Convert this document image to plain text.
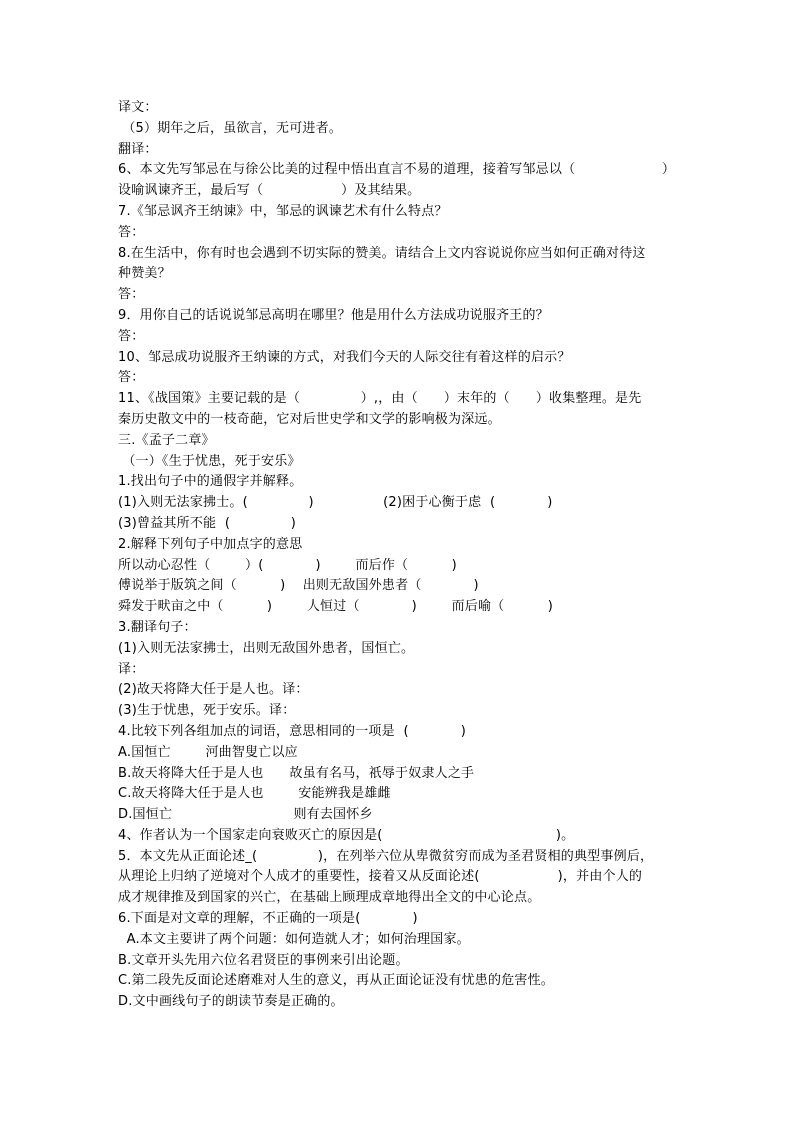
译文：
（5）期年之后，虽欲言，无可进者。
翻译：
6、本文先写邹忌在与徐公比美的过程中悟出直言不易的道理，接着写邹忌以（                    ）
设喻讽谏齐王，最后写（                  ）及其结果。
7.《邹忌讽齐王纳谏》中，邹忌的讽谏艺术有什么特点？
答：
8.在生活中，你有时也会遇到不切实际的赞美。请结合上文内容说说你应当如何正确对待这
种赞美？
答：
9．用你自己的话说说邹忌高明在哪里？他是用什么方法成功说服齐王的？
答：
10、邹忌成功说服齐王纳谏的方式，对我们今天的人际交往有着这样的启示？
答：
11、《战国策》主要记载的是（              ）,，由（      ）末年的（      ）收集整理。是先
秦历史散文中的一枝奇葩，它对后世史学和文学的影响极为深远。
三.《孟子二章》
（一）《生于忧患，死于安乐》
1.找出句子中的通假字并解释。
(1)入则无法家拂士。(              )                (2)困于心衡于虑  (            )
(3)曾益其所不能  (              )
2.解释下列句子中加点字的意思
所以动心忍性（        ）(            )        而后作（          )
傅说举于版筑之间（          )    出则无敌国外患者（            )
舜发于畎亩之中（          )        人恒过（            )        而后喻（          )
3.翻译句子：
(1)入则无法家拂士，出则无敌国外患者，国恒亡。
译：
(2)故天将降大任于是人也。译：
(3)生于忧患，死于安乐。译：
4.比较下列各组加点的词语，意思相同的一项是  (            )
A.国恒亡        河曲智叟亡以应
B.故天将降大任于是人也      故虽有名马，祇辱于奴隶人之手
C.故天将降大任于是人也        安能辨我是雄雌
D.国恒亡                            则有去国怀乡
4、作者认为一个国家走向衰败灭亡的原因是(                                        )。
5．本文先从正面论述_(              )，在列举六位从卑微贫穷而成为圣君贤相的典型事例后，
从理论上归纳了逆境对个人成才的重要性，接着又从反面论述(                  )，并由个人的
成才规律推及到国家的兴亡，在基础上顾理成章地得出全文的中心论点。
6.下面是对文章的理解，不正确的一项是(            )
A.本文主要讲了两个问题：如何造就人才；如何治理国家。
B.文章开头先用六位名君贤臣的事例来引出论题。
C.第二段先反面论述磨难对人生的意义，再从正面论证没有忧患的危害性。
D.文中画线句子的朗读节奏是正确的。
